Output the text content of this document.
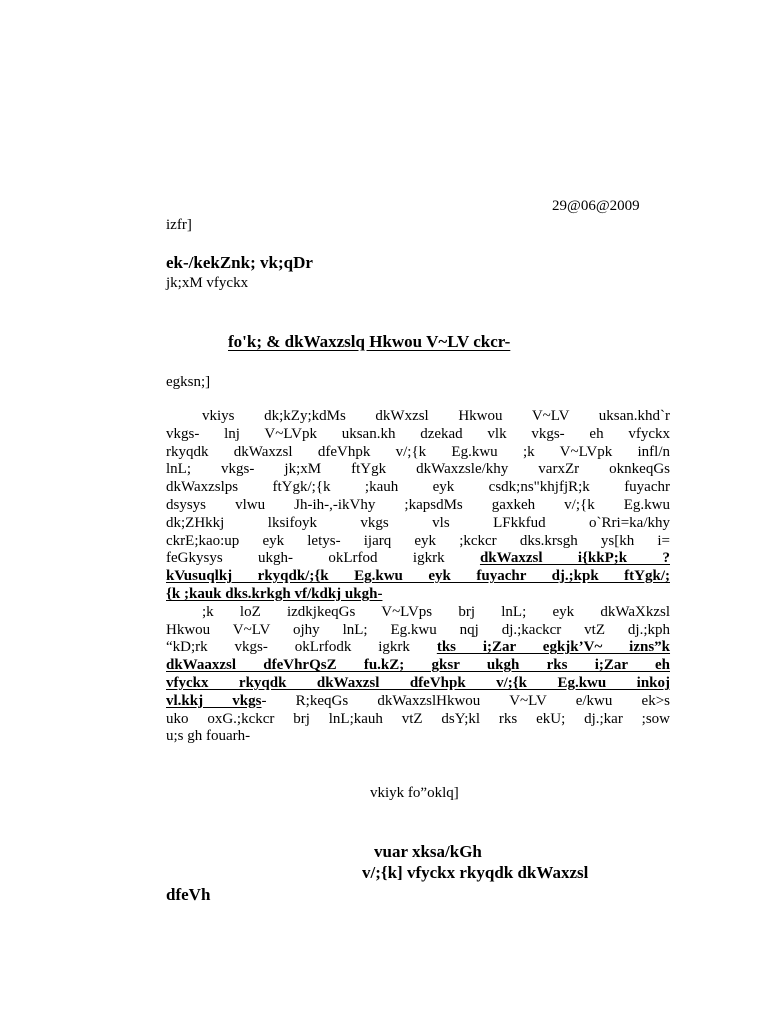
29@06@2009
izfr]
ek-/kekZnk; vk;qDr
jk;xM vfyckx
fo'k; & dkWaxzslq Hkwou V~LV ckcr-
egksn;]

vkiys dk;kZy;kdMs dkWxzsl Hkwou V~LV uksan.khd`r
vkgs- lnj V~LVpk uksan.kh dzekad vlk vkgs- eh vfyckx
rkyqdk dkWaxzsl dfeVhpk v/;{k Eg.kwu ;k V~LVpk infl/n
lnL; vkgs- jk;xM ftYgk dkWaxzsle/khy varxZr oknkeqGs
dkWaxzslps ftYgk/;{k ;kauh eyk csdk;ns"khjfjR;k fuyachr
dsysys vlwu Jh-ih-,-ikVhy ;kapsdMs gaxkeh v/;{k Eg.kwu
dk;ZHkkj lksifoyk vkgs vls LFkkfud o`Rri=ka/khy
ckrE;kao:up eyk letys- ijarq eyk ;kckcr dks.krsgh ys[kh i=
feGkysys ukgh- okLrfod igkrk dkWaxzsl i{kkP;k ?
kVusuqlkj rkyqdk/;{k Eg.kwu eyk fuyachr dj.;kpk ftYgk/;
{k ;kauk dks.krkgh vf/kdkj ukgh-

;k loZ izdkjkeqGs V~LVps brj lnL; eyk dkWaXkzsl
Hkwou V~LV ojhy lnL; Eg.kwu nqj dj.;kackcr vtZ dj.;kph
“kD;rk vkgs- okLrfodk igkrk tks i;Zar egkjk’V~ izns”k
dkWaaxzsl dfeVhrQsZ fu.kZ; gksr ukgh rks i;Zar eh
vfyckx rkyqdk dkWaxzsl dfeVhpk v/;{k Eg.kwu inkoj
vl.kkj vkgs- R;keqGs dkWaxzslHkwou V~LV e/kwu ek>s
uko oxG.;kckcr brj lnL;kauh vtZ dsY;kl rks ekU; dj.;kar ;sow
u;s gh fouarh-

vkiyk fo”oklq]
vuar xksa/kGh
v/;{k] vfyckx rkyqdk dkWaxzsl
dfeVh
